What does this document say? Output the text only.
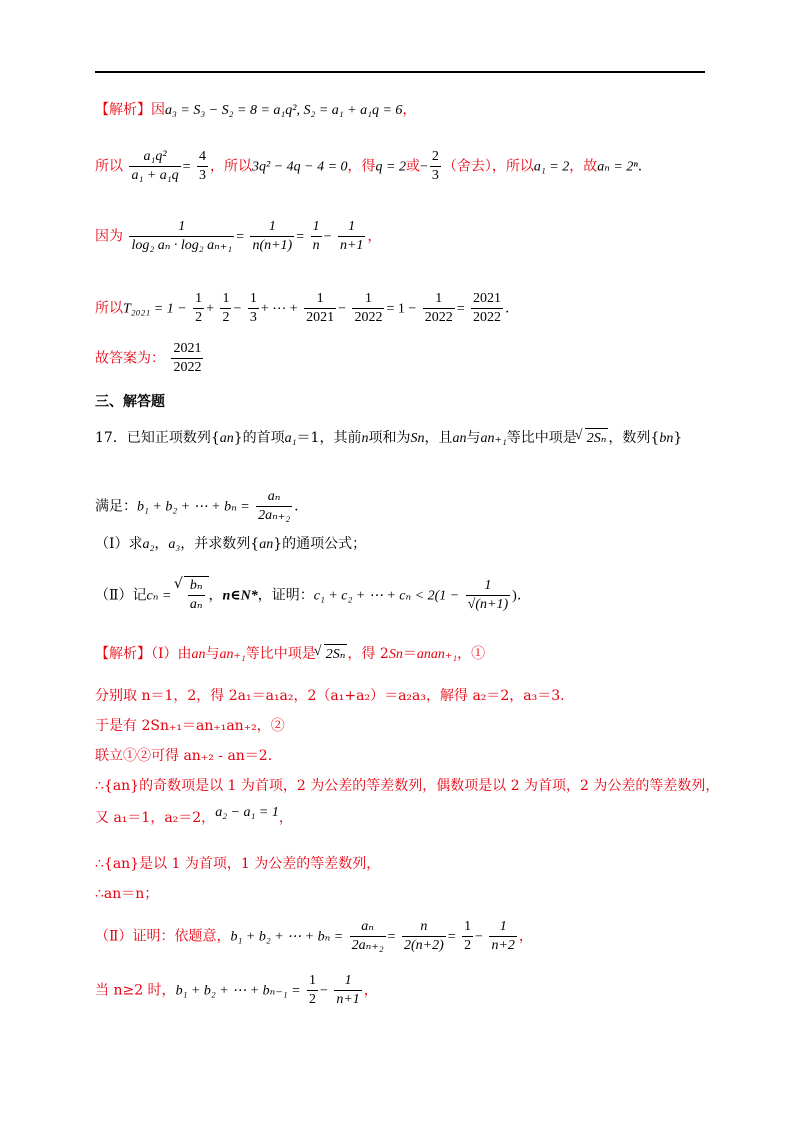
【解析】因a₃ = S₃ − S₂ = 8 = a₁q², S₂ = a₁ + a₁q = 6，
所以 $\frac{\text{a₁q²}}{\text{a₁ + a₁q}} = \frac{4}{3}$ ，所以3q² − 4q − 4 = 0，得q = 2或− $\frac{2}{3}$ （舍去），所以a₁ = 2，故aₙ = 2ⁿ.
因为 $\frac{1}{\text{log₂ aₙ · log₂ aₙ₊₁}} = \frac{1}{n(n+1)} = \frac{1}{n} - \frac{1}{n+1}$ ，
所以$T_{2021} = 1 - \frac{1}{2} + \frac{1}{2} - \frac{1}{3}$ + ⋯ + $\frac{1}{2021} - \frac{1}{2022} = 1 - \frac{1}{2022} = \frac{2021}{2022}$ .
故答案为： $\frac{2021}{2022}$
三、解答题
17．已知正项数列{an}的首项a₁＝1，其前n项和为Sn，且an与an₊₁等比中项是 √ 2Sₙ ，数列{bn}
满足：b₁ + b₂ + ⋯ + $b_n = \frac{\text{aₙ}}{\text{2aₙ₊₂}}$ .
（Ⅰ）求a₂，a₃，并求数列{an}的通项公式；
（Ⅱ）记cₙ = √ $\frac{\text{bₙ}}{\text{aₙ}}$ ，n∈N*，证明：c₁ + c₂ + ⋯ + $c_n < 2(1 - \frac{1}{√(n+1)}$ ).
【解析】（Ⅰ）由an与an₊₁等比中项是 √ 2Sₙ ，得 2Sn＝anan₊₁，①
分别取 n＝1，2，得 2a₁＝a₁a₂，2（a₁+a₂）＝a₂a₃，解得 a₂＝2，a₃＝3.
于是有 2Sn₊₁＝an₊₁an₊₂，②
联立①②可得 an₊₂ - an＝2.
∴{an}的奇数项是以 1 为首项，2 为公差的等差数列，偶数项是以 2 为首项，2 为公差的等差数列，
又 a₁＝1，a₂＝2，a₂ − a₁ = 1，
∴{an}是以 1 为首项，1 为公差的等差数列，
∴an＝n；
（Ⅱ）证明：依题意，b₁ + b₂ + ⋯ + $b_n = \frac{\text{aₙ}}{\text{2aₙ₊₂}} = \frac{n}{2(n+2)} = \frac{1}{2} - \frac{1}{n+2}$ ，
当 n≥2 时，b₁ + b₂ + ⋯ + $b_{n-1} = \frac{1}{2} - \frac{1}{n+1}$ ，
